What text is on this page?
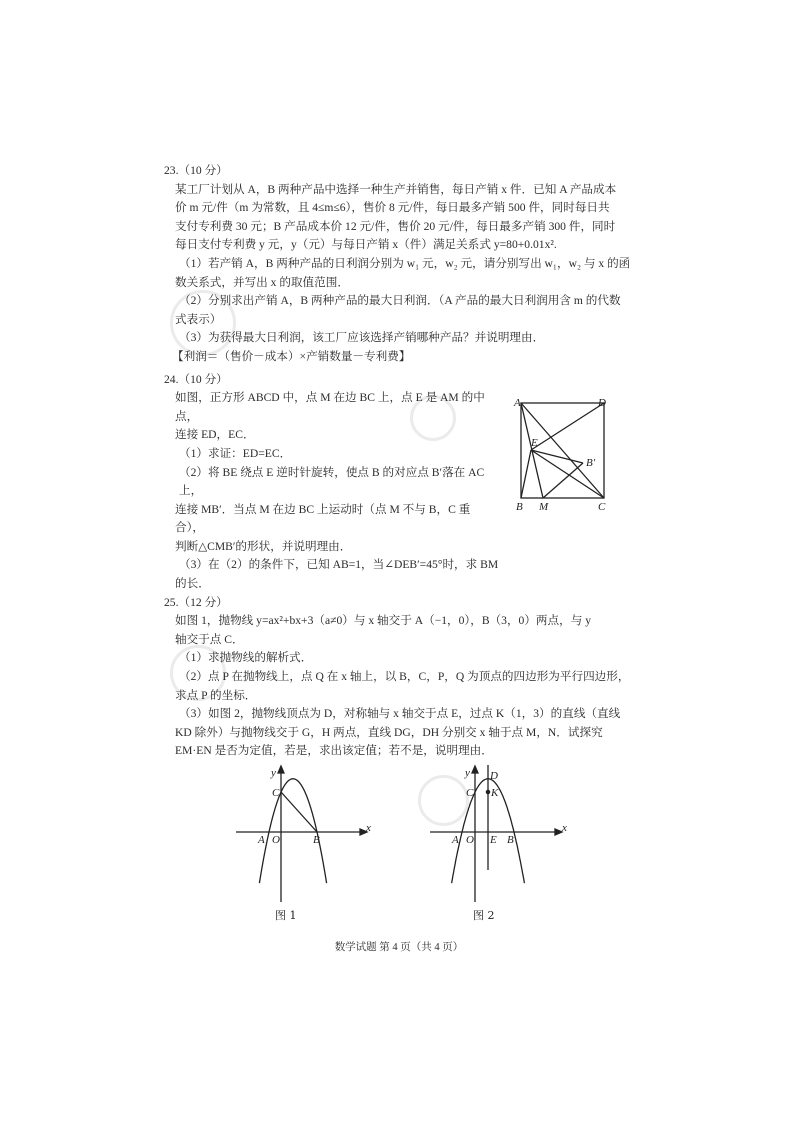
23.（10 分）
某工厂计划从 A，B 两种产品中选择一种生产并销售，每日产销 x 件．已知 A 产品成本
价 m 元/件（m 为常数，且 4≤m≤6），售价 8 元/件，每日最多产销 500 件，同时每日共
支付专利费 30 元；B 产品成本价 12 元/件，售价 20 元/件，每日最多产销 300 件，同时
每日支付专利费 y 元，y（元）与每日产销 x（件）满足关系式 y=80+0.01x².
（1）若产销 A，B 两种产品的日利润分别为 w₁ 元，w₂ 元，请分别写出 w₁，w₂ 与 x 的函
数关系式，并写出 x 的取值范围．
（2）分别求出产销 A，B 两种产品的最大日利润．（A 产品的最大日利润用含 m 的代数
式表示）
（3）为获得最大日利润，该工厂应该选择产销哪种产品？并说明理由．
【利润＝（售价－成本）×产销数量－专利费】
24.（10 分）
如图，正方形 ABCD 中，点 M 在边 BC 上，点 E 是 AM 的中点，
连接 ED，EC．
（1）求证：ED=EC．
（2）将 BE 绕点 E 逆时针旋转，使点 B 的对应点 B′落在 AC 上，
连接 MB′．当点 M 在边 BC 上运动时（点 M 不与 B，C 重合），
判断△CMB′的形状，并说明理由．
（3）在（2）的条件下，已知 AB=1，当∠DEB′=45°时，求 BM
的长．
A	D
B M	C
E
B′
25.（12 分）
如图 1，抛物线 y=ax²+bx+3（a≠0）与 x 轴交于 A（−1，0），B（3，0）两点，与 y
轴交于点 C．
（1）求抛物线的解析式．
（2）点 P 在抛物线上，点 Q 在 x 轴上，以 B，C，P，Q 为顶点的四边形为平行四边形，
求点 P 的坐标．
（3）如图 2，抛物线顶点为 D，对称轴与 x 轴交于点 E，过点 K（1，3）的直线（直线
KD 除外）与抛物线交于 G，H 两点，直线 DG，DH 分别交 x 轴于点 M，N．试探究
EM·EN 是否为定值，若是，求出该定值；若不是，说明理由．
y
x
C
A O	B
图 1
y
x
C
D
K
A O E B
图 2
数学试题 第 4 页（共 4 页）
